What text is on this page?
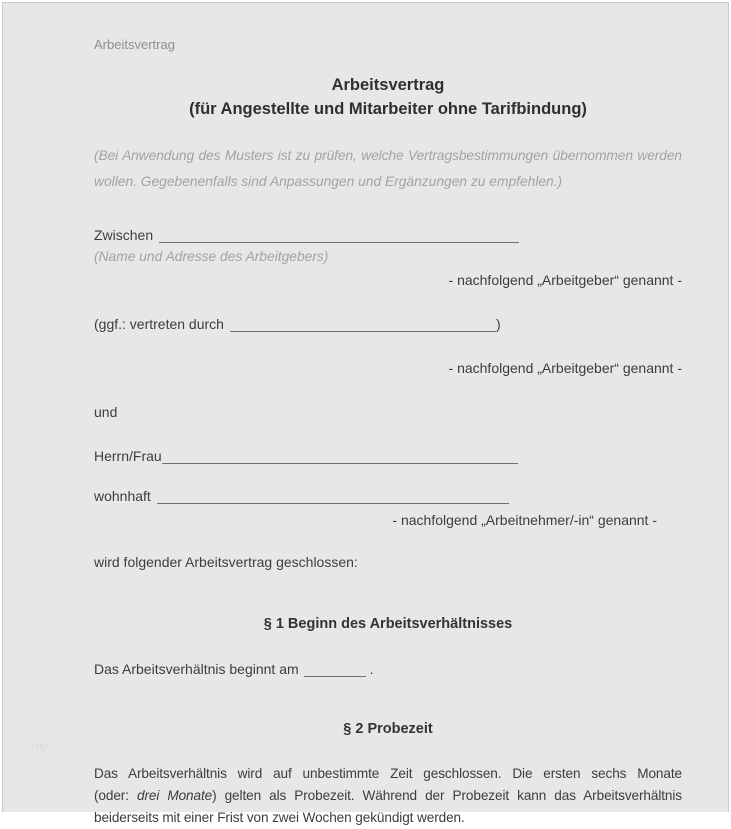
Arbeitsvertrag
Arbeitsvertrag
(für Angestellte und Mitarbeiter ohne Tarifbindung)
(Bei Anwendung des Musters ist zu prüfen, welche Vertragsbestimmungen übernommen werden
wollen. Gegebenenfalls sind Anpassungen und Ergänzungen zu empfehlen.)
Zwischen
(Name und Adresse des Arbeitgebers)
- nachfolgend „Arbeitgeber“ genannt -
(ggf.: vertreten durch	)
- nachfolgend „Arbeitgeber“ genannt -
und
Herrn/Frau
wohnhaft
- nachfolgend „Arbeitnehmer/-in“ genannt -
wird folgender Arbeitsvertrag geschlossen:
§ 1 Beginn des Arbeitsverhältnisses
Das Arbeitsverhältnis beginnt am	.
§ 2 Probezeit
Das Arbeitsverhältnis wird auf unbestimmte Zeit geschlossen. Die ersten sechs Monate
(oder: drei Monate) gelten als Probezeit. Während der Probezeit kann das Arbeitsverhältnis
beiderseits mit einer Frist von zwei Wochen gekündigt werden.
http
